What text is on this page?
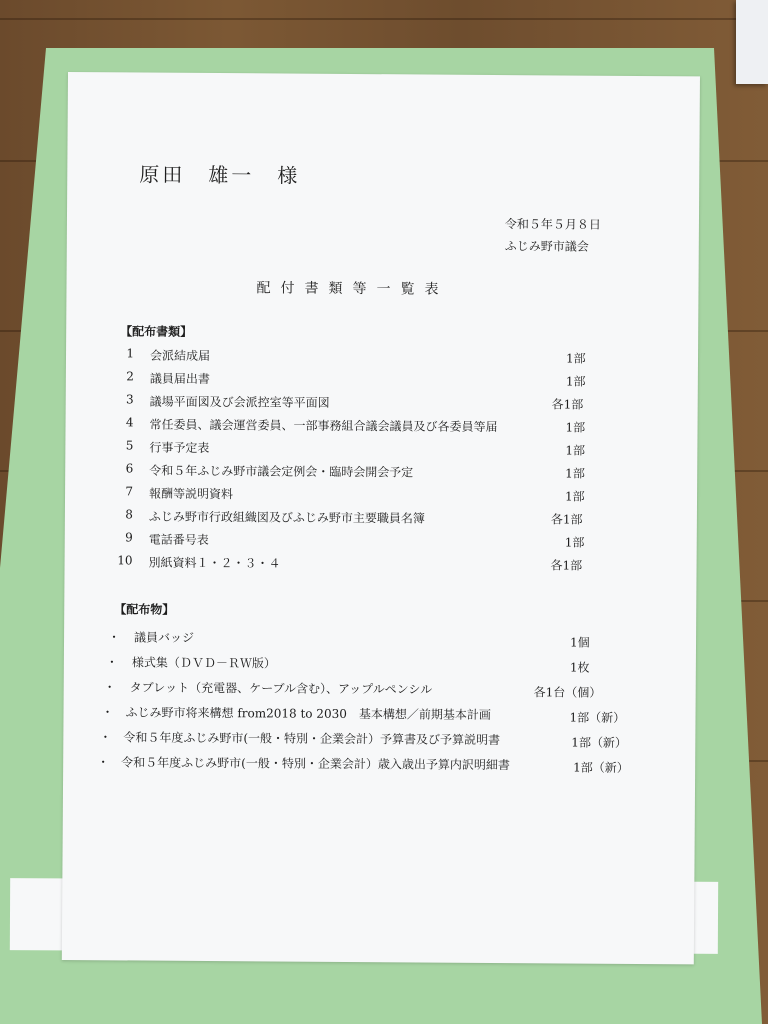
原田　雄一　様
令和５年５月８日
ふじみ野市議会
配付書類等一覧表
【配布書類】
1 会派結成届	1部
2 議員届出書	1部
3 議場平面図及び会派控室等平面図	各1部
4 常任委員、議会運営委員、一部事務組合議会議員及び各委員等届	1部
5 行事予定表	1部
6 令和５年ふじみ野市議会定例会・臨時会開会予定	1部
7 報酬等説明資料	1部
8 ふじみ野市行政組織図及びふじみ野市主要職員名簿	各1部
9 電話番号表	1部
10 別紙資料１・２・３・４	各1部
【配布物】
・ 議員バッジ	1個
・ 様式集（ＤＶＤ－ＲＷ版）	1枚
・ タブレット（充電器、ケーブル含む）、アップルペンシル	各1台（個）
・ ふじみ野市将来構想 from2018 to 2030　基本構想／前期基本計画	1部（新）
・ 令和５年度ふじみ野市(一般・特別・企業会計）予算書及び予算説明書	1部（新）
・ 令和５年度ふじみ野市(一般・特別・企業会計）歳入歳出予算内訳明細書	1部（新）
